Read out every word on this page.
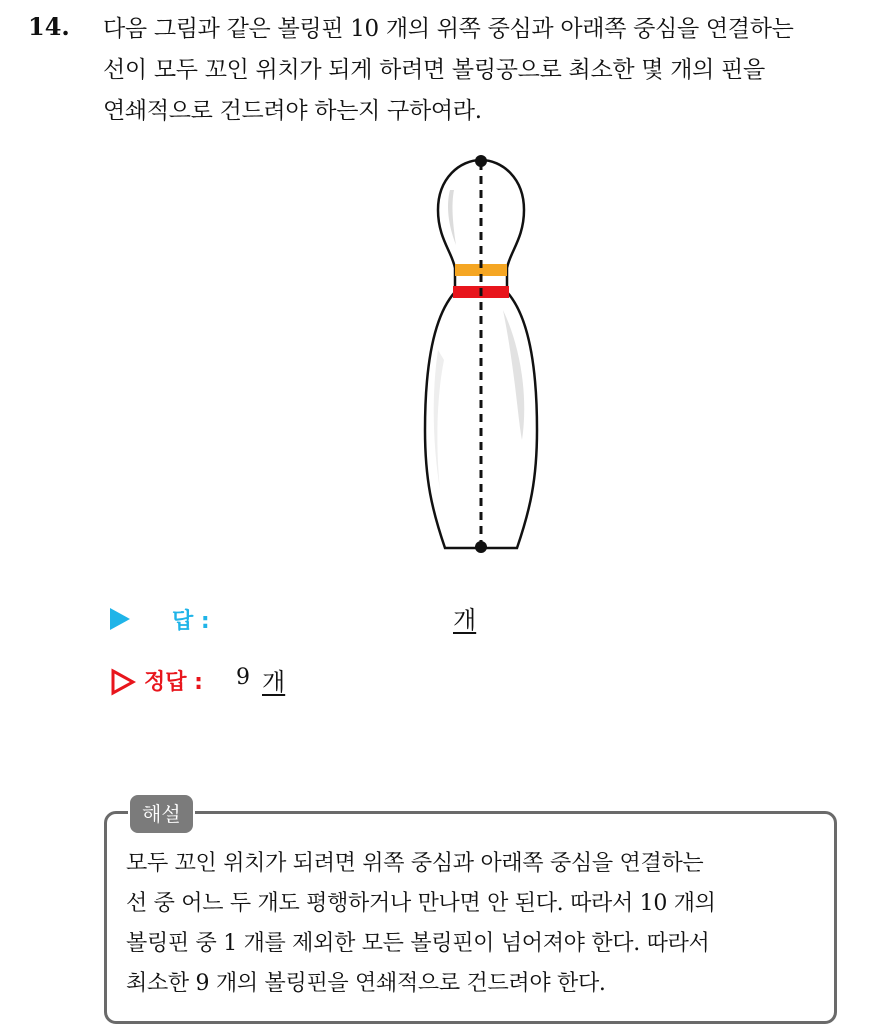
14. 다음 그림과 같은 볼링핀 10 개의 위쪽 중심과 아래쪽 중심을 연결하는
선이 모두 꼬인 위치가 되게 하려면 볼링공으로 최소한 몇 개의 핀을
연쇄적으로 건드려야 하는지 구하여라.
답 :	개
정답 : 9 개
해설
모두 꼬인 위치가 되려면 위쪽 중심과 아래쪽 중심을 연결하는
선 중 어느 두 개도 평행하거나 만나면 안 된다. 따라서 10 개의
볼링핀 중 1 개를 제외한 모든 볼링핀이 넘어져야 한다. 따라서
최소한 9 개의 볼링핀을 연쇄적으로 건드려야 한다.
